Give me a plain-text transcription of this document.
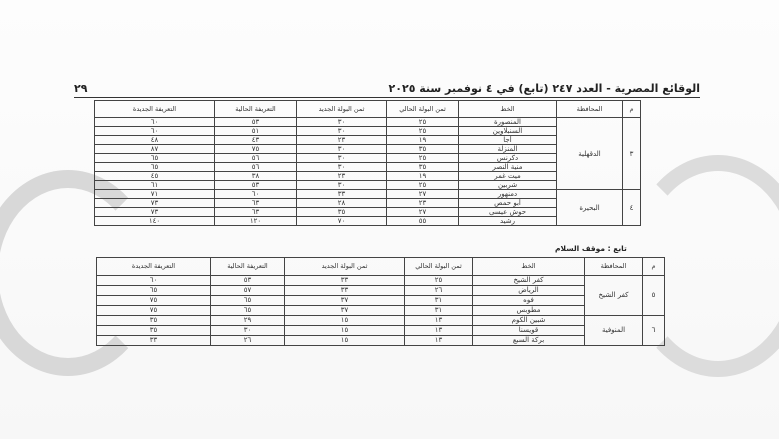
الوقائع المصرية - العدد ٢٤٧ (تابع) في ٤ نوفمبر سنة ٢٠٢٥
٢٩
م	المحافظة	الخط	ثمن البولة الحالي	ثمن البولة الجديد	التعريفة الحالية	التعريفة الجديدة
٣	الدقهلية	المنصورة	٢٥	٣٠	٥٣	٦٠
		السنبلاوين	٢٥	٣٠	٥١	٦٠
		أجا	١٩	٢٣	٤٣	٤٨
		المنزلة	٣٥	٣٠	٧٥	٨٧
		دكرنس	٢٥	٣٠	٥٦	٦٥
		منية النصر	٣٥	٣٠	٥٦	٦٥
		ميت غمر	١٩	٢٣	٣٨	٤٥
		شربين	٢٥	٣٠	٥٣	٦١
٤	البحيرة	دمنهور	٢٧	٣٣	٦٠	٧١
		أبو حمص	٢٣	٢٨	٦٣	٧٣
		حوش عيسى	٢٧	٣٥	٦٣	٧٣
		رشيد	٥٥	٧٠	١٢٠	١٤٠
تابع : موقف السلام
م	المحافظة	الخط	ثمن البولة الحالي	ثمن البولة الجديد	التعريفة الحالية	التعريفة الجديدة
٥	كفر الشيخ	كفر الشيخ	٢٥	٣٣	٥٣	٦٠
		الرياض	٢٦	٣٣	٥٧	٦٥
		فوه	٣١	٣٧	٦٥	٧٥
		مطوبس	٣١	٣٧	٦٥	٧٥
٦	المنوفية	شبين الكوم	١٣	١٥	٢٩	٣٥
		قويسنا	١٣	١٥	٣٠	٣٥
		بركة السبع	١٣	١٥	٢٦	٣٣
